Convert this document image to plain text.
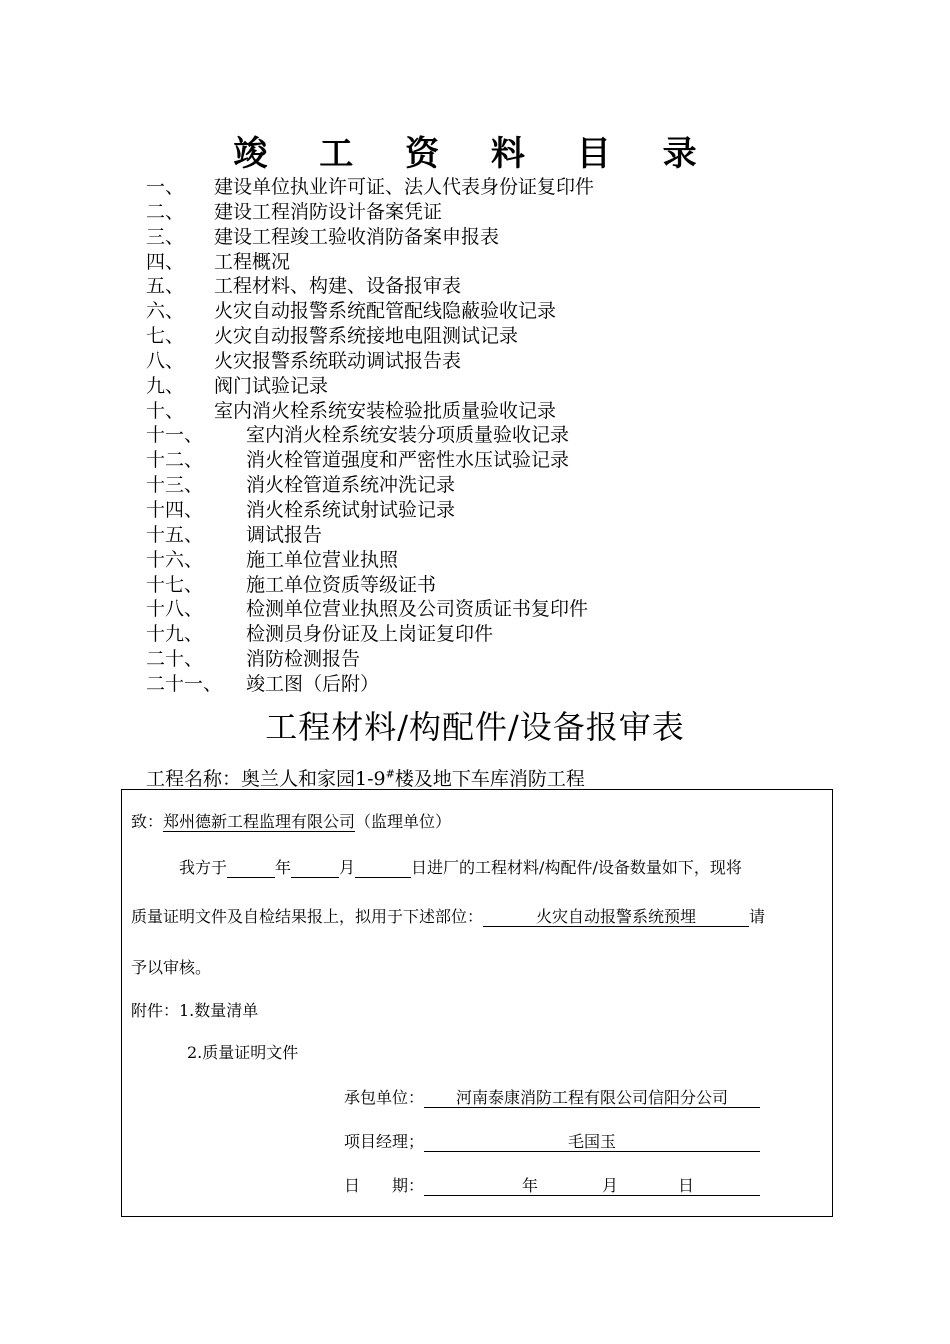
竣 工 资 料 目 录
一、 建设单位执业许可证、法人代表身份证复印件
二、 建设工程消防设计备案凭证
三、 建设工程竣工验收消防备案申报表
四、 工程概况
五、 工程材料、构建、设备报审表
六、 火灾自动报警系统配管配线隐蔽验收记录
七、 火灾自动报警系统接地电阻测试记录
八、 火灾报警系统联动调试报告表
九、 阀门试验记录
十、 室内消火栓系统安装检验批质量验收记录
十一、 室内消火栓系统安装分项质量验收记录
十二、 消火栓管道强度和严密性水压试验记录
十三、 消火栓管道系统冲洗记录
十四、 消火栓系统试射试验记录
十五、 调试报告
十六、 施工单位营业执照
十七、 施工单位资质等级证书
十八、 检测单位营业执照及公司资质证书复印件
十九、 检测员身份证及上岗证复印件
二十、 消防检测报告
二十一、 竣工图（后附）
工程材料/构配件/设备报审表
工程名称：奥兰人和家园1-9#楼及地下车库消防工程
致：郑州德新工程监理有限公司（监理单位）
我方于	年	月	日进厂的工程材料/构配件/设备数量如下，现将
质量证明文件及自检结果报上，拟用于下述部位：	火灾自动报警系统预埋	请
予以审核。
附件：1.数量清单
2.质量证明文件
承包单位： 河南泰康消防工程有限公司信阳分公司
项目经理；	毛国玉
日　　期：	年	月	日
